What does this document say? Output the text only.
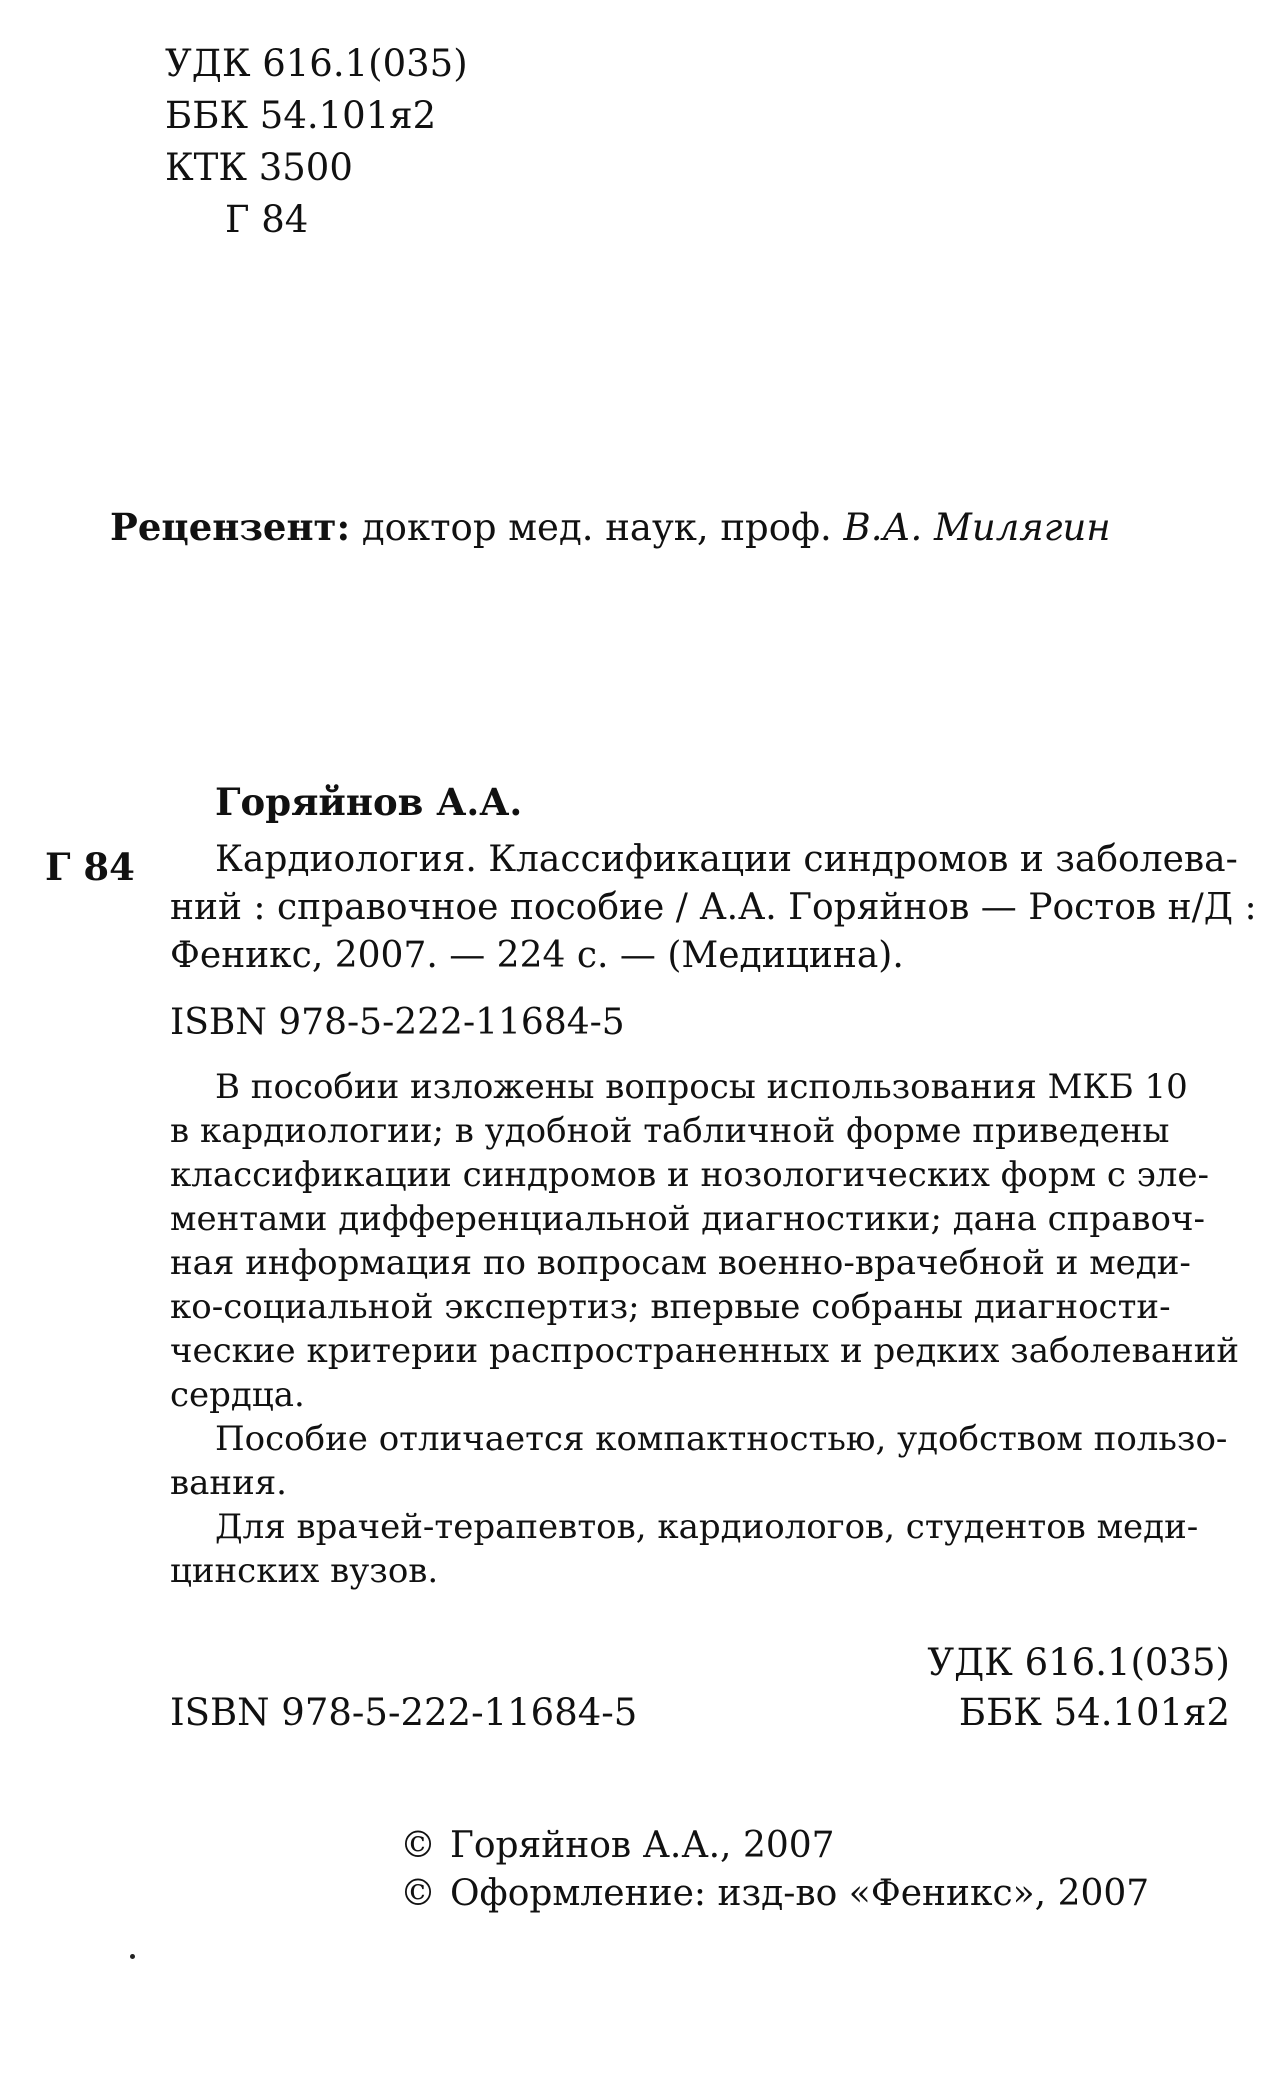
УДК 616.1(035)
ББК 54.101я2
КТК 3500
Г 84
Рецензент: доктор мед. наук, проф. В.А. Милягин
Горяйнов А.А.
Г 84	Кардиология. Классификации синдромов и заболева-
ний : справочное пособие / А.А. Горяйнов — Ростов н/Д :
Феникс, 2007. — 224 с. — (Медицина).
ISBN 978-5-222-11684-5
В пособии изложены вопросы использования МКБ 10
в кардиологии; в удобной табличной форме приведены
классификации синдромов и нозологических форм с эле-
ментами дифференциальной диагностики; дана справоч-
ная информация по вопросам военно-врачебной и меди-
ко-социальной экспертиз; впервые собраны диагности-
ческие критерии распространенных и редких заболеваний
сердца.
Пособие отличается компактностью, удобством пользо-
вания.
Для врачей-терапевтов, кардиологов, студентов меди-
цинских вузов.
УДК 616.1(035)
ББК 54.101я2
ISBN 978-5-222-11684-5
© Горяйнов А.А., 2007
© Оформление: изд-во «Феникс», 2007
